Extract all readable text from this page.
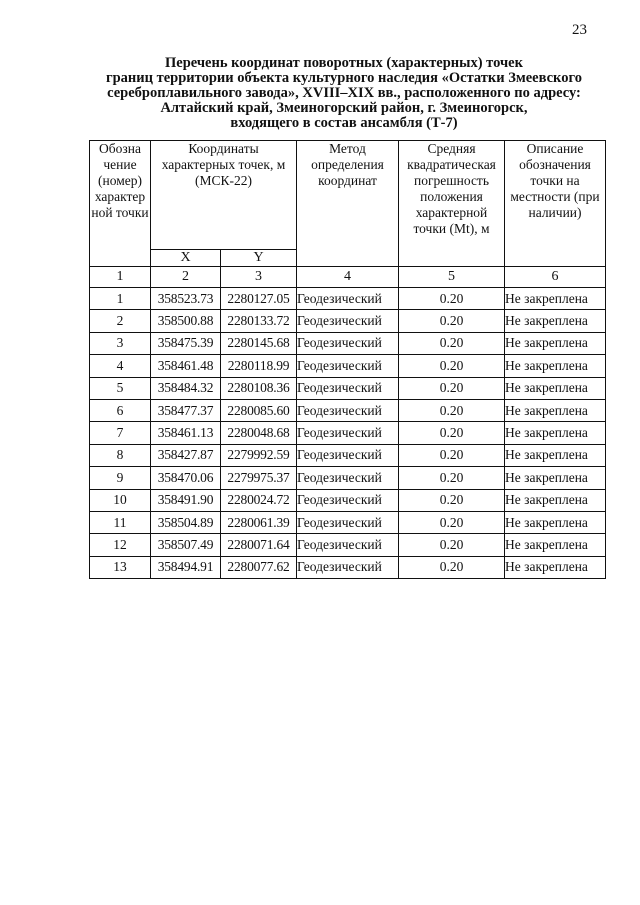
23
Перечень координат поворотных (характерных) точек
границ территории объекта культурного наследия «Остатки Змеевского
сереброплавильного завода», XVIII–XIX вв., расположенного по адресу:
Алтайский край, Змеиногорский район, г. Змеиногорск,
входящего в состав ансамбля (Т-7)
Обозна чение (номер) характер ной точки	Координаты характерных точек, м (МСК-22)		Метод определения координат	Средняя квадратическая погрешность положения характерной точки (Mt), м	Описание обозначения точки на местности (при наличии)
	X	Y			
1	2	3	4	5	6
1	358523.73	2280127.05	Геодезический	0.20	Не закреплена
2	358500.88	2280133.72	Геодезический	0.20	Не закреплена
3	358475.39	2280145.68	Геодезический	0.20	Не закреплена
4	358461.48	2280118.99	Геодезический	0.20	Не закреплена
5	358484.32	2280108.36	Геодезический	0.20	Не закреплена
6	358477.37	2280085.60	Геодезический	0.20	Не закреплена
7	358461.13	2280048.68	Геодезический	0.20	Не закреплена
8	358427.87	2279992.59	Геодезический	0.20	Не закреплена
9	358470.06	2279975.37	Геодезический	0.20	Не закреплена
10	358491.90	2280024.72	Геодезический	0.20	Не закреплена
11	358504.89	2280061.39	Геодезический	0.20	Не закреплена
12	358507.49	2280071.64	Геодезический	0.20	Не закреплена
13	358494.91	2280077.62	Геодезический	0.20	Не закреплена
